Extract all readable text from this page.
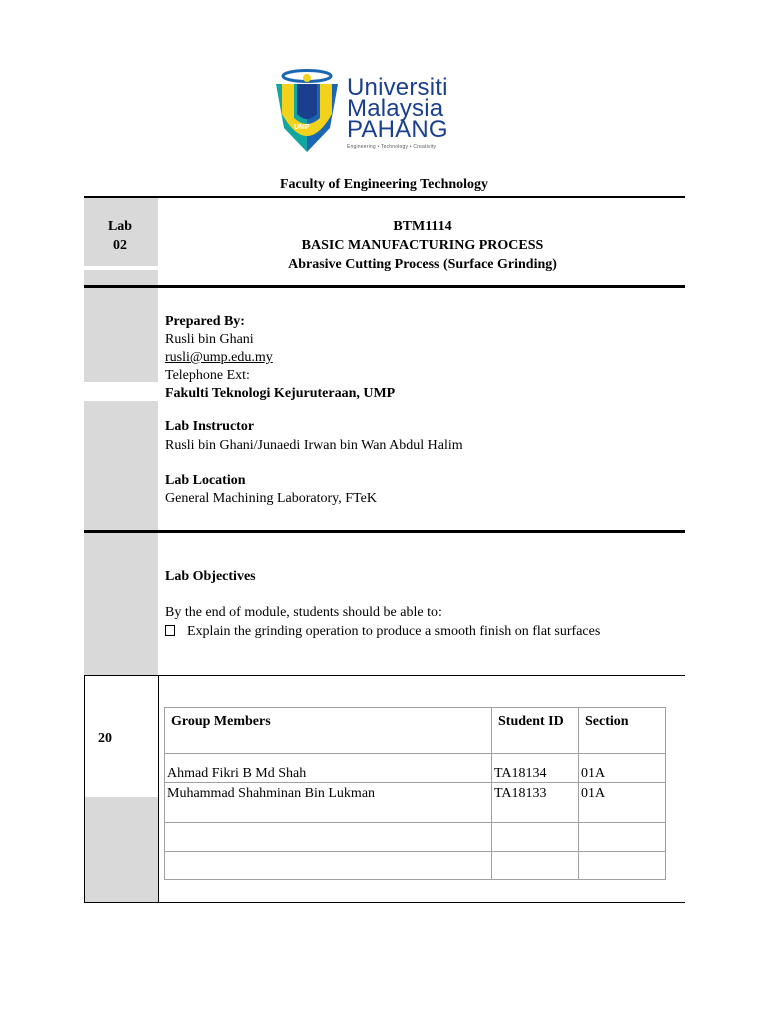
UMP
Universiti
Malaysia
PAHANG
Engineering • Technology • Creativity
Faculty of Engineering Technology
Lab
02
BTM1114
BASIC MANUFACTURING PROCESS
Abrasive Cutting Process (Surface Grinding)
Prepared By:
Rusli bin Ghani
rusli@ump.edu.my
Telephone Ext:
Fakulti Teknologi Kejuruteraan, UMP
Lab Instructor
Rusli bin Ghani/Junaedi Irwan bin Wan Abdul Halim
Lab Location
General Machining Laboratory, FTeK
Lab Objectives
By the end of module, students should be able to:
Explain the grinding operation to produce a smooth finish on flat surfaces
20
Group Members	Student ID	Section
Ahmad Fikri B Md Shah	TA18134	01A
Muhammad Shahminan Bin Lukman	TA18133	01A
